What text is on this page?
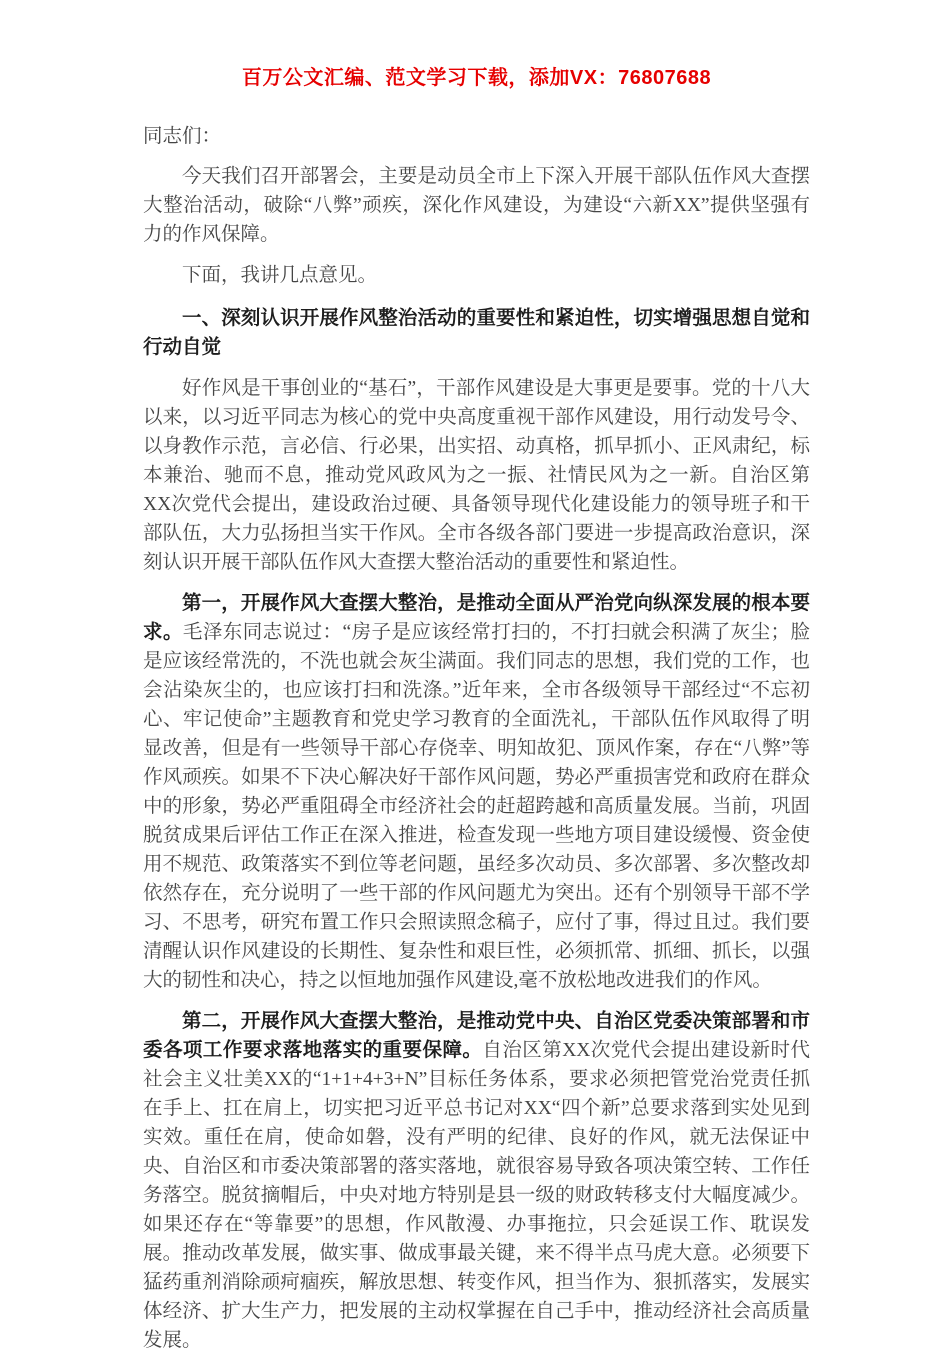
百万公文汇编、范文学习下载，添加VX：76807688

同志们：

今天我们召开部署会，主要是动员全市上下深入开展干部队伍作风大查摆大整治活动，破除“八弊”顽疾，深化作风建设，为建设“六新XX”提供坚强有力的作风保障。

下面，我讲几点意见。

一、深刻认识开展作风整治活动的重要性和紧迫性，切实增强思想自觉和行动自觉

好作风是干事创业的“基石”，干部作风建设是大事更是要事。党的十八大以来，以习近平同志为核心的党中央高度重视干部作风建设，用行动发号令、以身教作示范，言必信、行必果，出实招、动真格，抓早抓小、正风肃纪，标本兼治、驰而不息，推动党风政风为之一振、社情民风为之一新。自治区第XX次党代会提出，建设政治过硬、具备领导现代化建设能力的领导班子和干部队伍，大力弘扬担当实干作风。全市各级各部门要进一步提高政治意识，深刻认识开展干部队伍作风大查摆大整治活动的重要性和紧迫性。

第一，开展作风大查摆大整治，是推动全面从严治党向纵深发展的根本要求。毛泽东同志说过：“房子是应该经常打扫的，不打扫就会积满了灰尘；脸是应该经常洗的，不洗也就会灰尘满面。我们同志的思想，我们党的工作，也会沾染灰尘的，也应该打扫和洗涤。”近年来，全市各级领导干部经过“不忘初心、牢记使命”主题教育和党史学习教育的全面洗礼，干部队伍作风取得了明显改善，但是有一些领导干部心存侥幸、明知故犯、顶风作案，存在“八弊”等作风顽疾。如果不下决心解决好干部作风问题，势必严重损害党和政府在群众中的形象，势必严重阻碍全市经济社会的赶超跨越和高质量发展。当前，巩固脱贫成果后评估工作正在深入推进，检查发现一些地方项目建设缓慢、资金使用不规范、政策落实不到位等老问题，虽经多次动员、多次部署、多次整改却依然存在，充分说明了一些干部的作风问题尤为突出。还有个别领导干部不学习、不思考，研究布置工作只会照读照念稿子，应付了事，得过且过。我们要清醒认识作风建设的长期性、复杂性和艰巨性，必须抓常、抓细、抓长，以强大的韧性和决心，持之以恒地加强作风建设,毫不放松地改进我们的作风。

第二，开展作风大查摆大整治，是推动党中央、自治区党委决策部署和市委各项工作要求落地落实的重要保障。自治区第XX次党代会提出建设新时代社会主义壮美XX的“1+1+4+3+N”目标任务体系，要求必须把管党治党责任抓在手上、扛在肩上，切实把习近平总书记对XX“四个新”总要求落到实处见到实效。重任在肩，使命如磐，没有严明的纪律、良好的作风，就无法保证中央、自治区和市委决策部署的落实落地，就很容易导致各项决策空转、工作任务落空。脱贫摘帽后，中央对地方特别是县一级的财政转移支付大幅度减少。如果还存在“等靠要”的思想，作风散漫、办事拖拉，只会延误工作、耽误发展。推动改革发展，做实事、做成事最关键，来不得半点马虎大意。必须要下猛药重剂消除顽疴痼疾，解放思想、转变作风，担当作为、狠抓落实，发展实体经济、扩大生产力，把发展的主动权掌握在自己手中，推动经济社会高质量发展。
